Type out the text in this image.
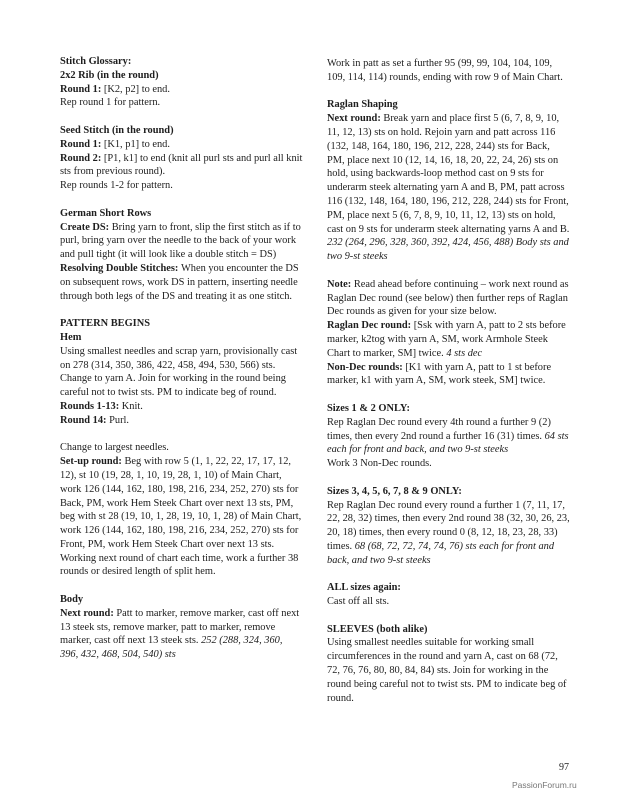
Stitch Glossary:

2x2 Rib (in the round)

Round 1: [K2, p2] to end.

Rep round 1 for pattern.

Seed Stitch (in the round)

Round 1: [K1, p1] to end.

Round 2: [P1, k1] to end (knit all purl sts and purl all knit sts from previous round).

Rep rounds 1-2 for pattern.

German Short Rows

Create DS: Bring yarn to front, slip the first stitch as if to purl, bring yarn over the needle to the back of your work and pull tight (it will look like a double stitch = DS)

Resolving Double Stitches: When you encounter the DS on subsequent rows, work DS in pattern, inserting needle through both legs of the DS and treating it as one stitch.

PATTERN BEGINS

Hem

Using smallest needles and scrap yarn, provisionally cast on 278 (314, 350, 386, 422, 458, 494, 530, 566) sts. Change to yarn A. Join for working in the round being careful not to twist sts. PM to indicate beg of round.

Rounds 1-13: Knit.

Round 14: Purl.

Change to largest needles.

Set-up round: Beg with row 5 (1, 1, 22, 22, 17, 17, 12, 12), st 10 (19, 28, 1, 10, 19, 28, 1, 10) of Main Chart, work 126 (144, 162, 180, 198, 216, 234, 252, 270) sts for Back, PM, work Hem Steek Chart over next 13 sts, PM, beg with st 28 (19, 10, 1, 28, 19, 10, 1, 28) of Main Chart, work 126 (144, 162, 180, 198, 216, 234, 252, 270) sts for Front, PM, work Hem Steek Chart over next 13 sts.

Working next round of chart each time, work a further 38 rounds or desired length of split hem.

Body

Next round: Patt to marker, remove marker, cast off next 13 steek sts, remove marker, patt to marker, remove marker, cast off next 13 steek sts. 252 (288, 324, 360, 396, 432, 468, 504, 540) sts

Work in patt as set a further 95 (99, 99, 104, 104, 109, 109, 114, 114) rounds, ending with row 9 of Main Chart.

Raglan Shaping

Next round: Break yarn and place first 5 (6, 7, 8, 9, 10, 11, 12, 13) sts on hold. Rejoin yarn and patt across 116 (132, 148, 164, 180, 196, 212, 228, 244) sts for Back, PM, place next 10 (12, 14, 16, 18, 20, 22, 24, 26) sts on hold, using backwards-loop method cast on 9 sts for underarm steek alternating yarn A and B, PM, patt across 116 (132, 148, 164, 180, 196, 212, 228, 244) sts for Front, PM, place next 5 (6, 7, 8, 9, 10, 11, 12, 13) sts on hold, cast on 9 sts for underarm steek alternating yarns A and B. 232 (264, 296, 328, 360, 392, 424, 456, 488) Body sts and two 9-st steeks

Note: Read ahead before continuing – work next round as Raglan Dec round (see below) then further reps of Raglan Dec rounds as given for your size below.

Raglan Dec round: [Ssk with yarn A, patt to 2 sts before marker, k2tog with yarn A, SM, work Armhole Steek Chart to marker, SM] twice. 4 sts dec

Non-Dec rounds: [K1 with yarn A, patt to 1 st before marker, k1 with yarn A, SM, work steek, SM] twice.

Sizes 1 & 2 ONLY:

Rep Raglan Dec round every 4th round a further 9 (2) times, then every 2nd round a further 16 (31) times. 64 sts each for front and back, and two 9-st steeks

Work 3 Non-Dec rounds.

Sizes 3, 4, 5, 6, 7, 8 & 9 ONLY:

Rep Raglan Dec round every round a further 1 (7, 11, 17, 22, 28, 32) times, then every 2nd round 38 (32, 30, 26, 23, 20, 18) times, then every round 0 (8, 12, 18, 23, 28, 33) times. 68 (68, 72, 72, 74, 74, 76) sts each for front and back, and two 9-st steeks

ALL sizes again:

Cast off all sts.

SLEEVES (both alike)

Using smallest needles suitable for working small circumferences in the round and yarn A, cast on 68 (72, 72, 76, 76, 80, 80, 84, 84) sts. Join for working in the round being careful not to twist sts. PM to indicate beg of round.

97
PassionForum.ru
